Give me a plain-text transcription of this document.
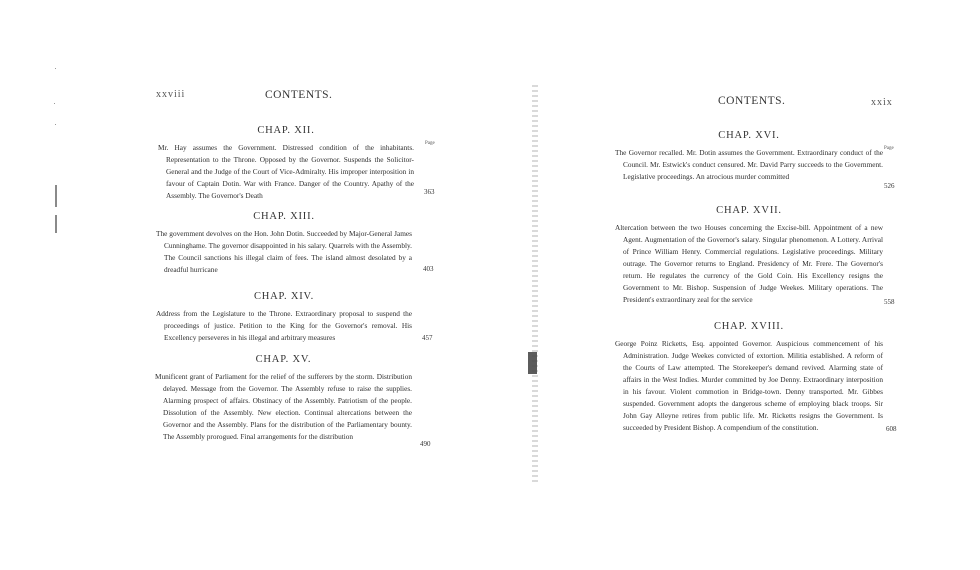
xxviii	CONTENTS.
CHAP. XII.
Mr. Hay assumes the Government. Distressed condition of the inhabitants. Representation to the Throne. Opposed by the Governor. Suspends the Solicitor-General and the Judge of the Court of Vice-Admiralty. His improper interposition in favour of Captain Dotin. War with France. Danger of the Country. Apathy of the Assembly. The Governor's Death
Page
363
CHAP. XIII.
The government devolves on the Hon. John Dotin. Succeeded by Major-General James Cunninghame. The governor disappointed in his salary. Quarrels with the Assembly. The Council sanctions his illegal claim of fees. The island almost desolated by a dreadful hurricane	403
CHAP. XIV.
Address from the Legislature to the Throne. Extraordinary proposal to suspend the proceedings of justice. Petition to the King for the Governor's removal. His Excellency perseveres in his illegal and arbitrary measures	457
CHAP. XV.
Munificent grant of Parliament for the relief of the sufferers by the storm. Distribution delayed. Message from the Governor. The Assembly refuse to raise the supplies. Alarming prospect of affairs. Obstinacy of the Assembly. Patriotism of the people. Dissolution of the Assembly. New election. Continual altercations between the Governor and the Assembly. Plans for the distribution of the Parliamentary bounty. The Assembly prorogued. Final arrangements for the distribution
490
CONTENTS.	xxix
CHAP. XVI.
The Governor recalled. Mr. Dotin assumes the Government. Extraordinary conduct of the Council. Mr. Estwick's conduct censured. Mr. David Parry succeeds to the Government. Legislative proceedings. An atrocious murder committed
Page
526
CHAP. XVII.
Altercation between the two Houses concerning the Excise-bill. Appointment of a new Agent. Augmentation of the Governor's salary. Singular phenomenon. A Lottery. Arrival of Prince William Henry. Commercial regulations. Legislative proceedings. Military outrage. The Governor returns to England. Presidency of Mr. Frere. The Governor's return. He regulates the currency of the Gold Coin. His Excellency resigns the Government to Mr. Bishop. Suspension of Judge Weekes. Military operations. The President's extraordinary zeal for the service	558
CHAP. XVIII.
George Poinz Ricketts, Esq. appointed Governor. Auspicious commencement of his Administration. Judge Weekes convicted of extortion. Militia established. A reform of the Courts of Law attempted. The Storekeeper's demand revived. Alarming state of affairs in the West Indies. Murder committed by Joe Denny. Extraordinary interposition in his favour. Violent commotion in Bridge-town. Denny transported. Mr. Gibbes suspended. Government adopts the dangerous scheme of employing black troops. Sir John Gay Alleyne retires from public life. Mr. Ricketts resigns the Government. Is succeeded by President Bishop. A compendium of the constitution.	608
